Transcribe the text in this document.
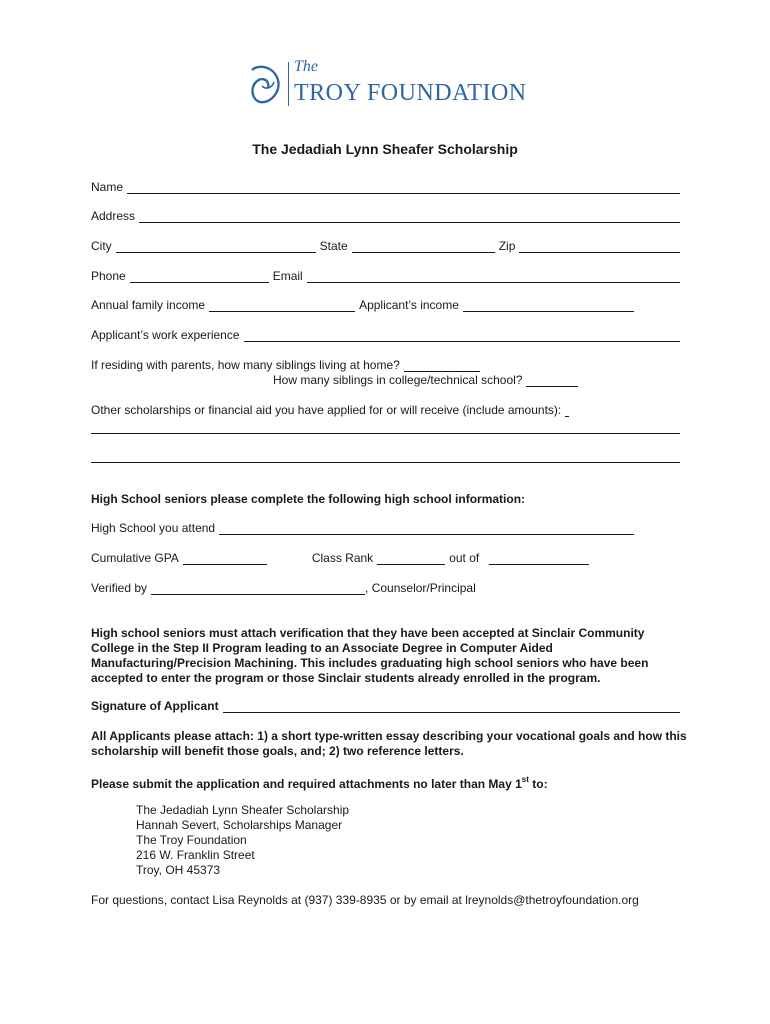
The
TROY FOUNDATION
The Jedadiah Lynn Sheafer Scholarship
Name
Address
City	State	Zip
Phone	Email
Annual family income	Applicant’s income
Applicant’s work experience
If residing with parents, how many siblings living at home?
How many siblings in college/technical school?
Other scholarships or financial aid you have applied for or will receive (include amounts):
High School seniors please complete the following high school information:
High School you attend
Cumulative GPA	Class Rank	out of
Verified by	, Counselor/Principal
High school seniors must attach verification that they have been accepted at Sinclair Community College in the Step II Program leading to an Associate Degree in Computer Aided Manufacturing/Precision Machining. This includes graduating high school seniors who have been accepted to enter the program or those Sinclair students already enrolled in the program.
Signature of Applicant
All Applicants please attach: 1) a short type-written essay describing your vocational goals and how this scholarship will benefit those goals, and; 2) two reference letters.
Please submit the application and required attachments no later than May 1st to:
The Jedadiah Lynn Sheafer Scholarship
Hannah Severt, Scholarships Manager
The Troy Foundation
216 W. Franklin Street
Troy, OH 45373
For questions, contact Lisa Reynolds at (937) 339-8935 or by email at lreynolds@thetroyfoundation.org
